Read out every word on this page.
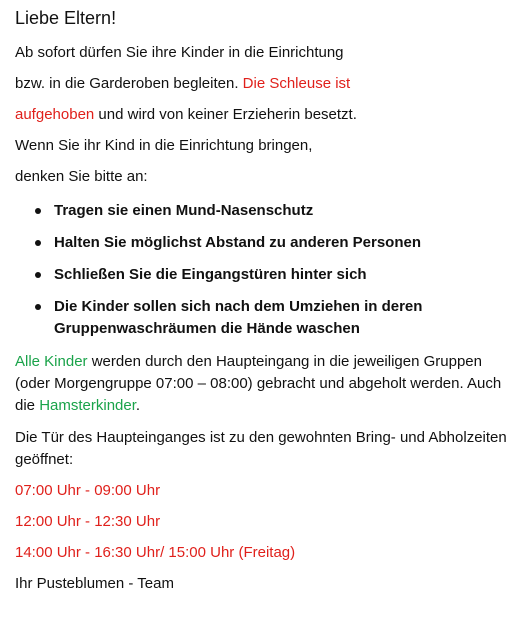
Liebe Eltern!

Ab sofort dürfen Sie ihre Kinder in die Einrichtung

bzw. in die Garderoben begleiten. Die Schleuse ist

aufgehoben und wird von keiner Erzieherin besetzt.

Wenn Sie ihr Kind in die Einrichtung bringen,

denken Sie bitte an:

Tragen sie einen Mund-Nasenschutz
Halten Sie möglichst Abstand zu anderen Personen
Schließen Sie die Eingangstüren hinter sich
Die Kinder sollen sich nach dem Umziehen in deren Gruppenwaschräumen die Hände waschen

Alle Kinder werden durch den Haupteingang in die jeweiligen Gruppen (oder Morgengruppe 07:00 – 08:00) gebracht und abgeholt werden. Auch die Hamsterkinder.

Die Tür des Haupteinganges ist zu den gewohnten Bring- und Abholzeiten geöffnet:

07:00 Uhr - 09:00 Uhr

12:00 Uhr - 12:30 Uhr

14:00 Uhr - 16:30 Uhr/ 15:00 Uhr (Freitag)

Ihr Pusteblumen - Team
